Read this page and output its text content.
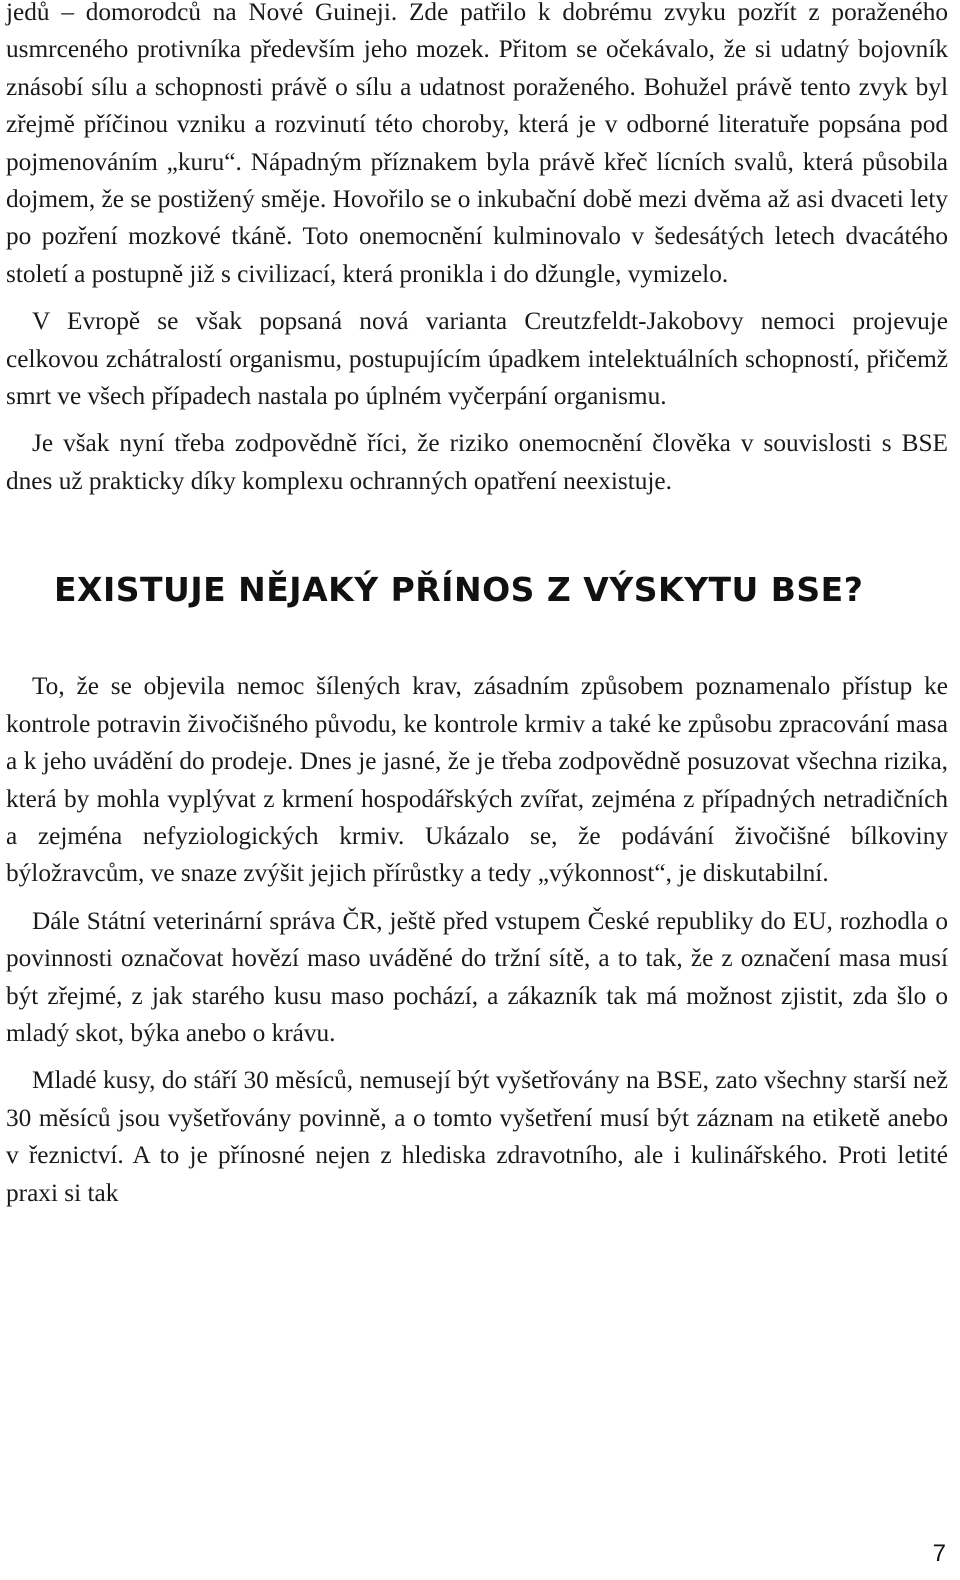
jedů – domorodců na Nové Guineji. Zde patřilo k dobrému zvyku pozřít z poraženého usmrceného protivníka především jeho mozek. Přitom se očekávalo, že si udatný bojovník znásobí sílu a schopnosti právě o sílu a udatnost poraženého. Bohužel právě tento zvyk byl zřejmě příčinou vzniku a rozvinutí této choroby, která je v odborné literatuře popsána pod pojmenováním „kuru“. Nápadným příznakem byla právě křeč lícních svalů, která působila dojmem, že se postižený směje. Hovořilo se o inkubační době mezi dvěma až asi dvaceti lety po pozření mozkové tkáně. Toto onemocnění kulminovalo v šedesátých letech dvacátého století a postupně již s civilizací, která pronikla i do džungle, vymizelo.

V Evropě se však popsaná nová varianta Creutzfeldt-Jakobovy nemoci projevuje celkovou zchátralostí organismu, postupujícím úpadkem intelektuálních schopností, přičemž smrt ve všech případech nastala po úplném vyčerpání organismu.

Je však nyní třeba zodpovědně říci, že riziko onemocnění člověka v souvislosti s BSE dnes už prakticky díky komplexu ochranných opatření neexistuje.

EXISTUJE NĚJAKÝ PŘÍNOS Z VÝSKYTU BSE?

To, že se objevila nemoc šílených krav, zásadním způsobem poznamenalo přístup ke kontrole potravin živočišného původu, ke kontrole krmiv a také ke způsobu zpracování masa a k jeho uvádění do prodeje. Dnes je jasné, že je třeba zodpovědně posuzovat všechna rizika, která by mohla vyplývat z krmení hospodářských zvířat, zejména z případných netradičních a zejména nefyziologických krmiv. Ukázalo se, že podávání živočišné bílkoviny býložravcům, ve snaze zvýšit jejich přírůstky a tedy „výkonnost“, je diskutabilní.

Dále Státní veterinární správa ČR, ještě před vstupem České republiky do EU, rozhodla o povinnosti označovat hovězí maso uváděné do tržní sítě, a to tak, že z označení masa musí být zřejmé, z jak starého kusu maso pochází, a zákazník tak má možnost zjistit, zda šlo o mladý skot, býka anebo o krávu.

Mladé kusy, do stáří 30 měsíců, nemusejí být vyšetřovány na BSE, zato všechny starší než 30 měsíců jsou vyšetřovány povinně, a o tomto vyšetření musí být záznam na etiketě anebo v řeznictví. A to je přínosné nejen z hlediska zdravotního, ale i kulinářského. Proti letité praxi si tak

7
